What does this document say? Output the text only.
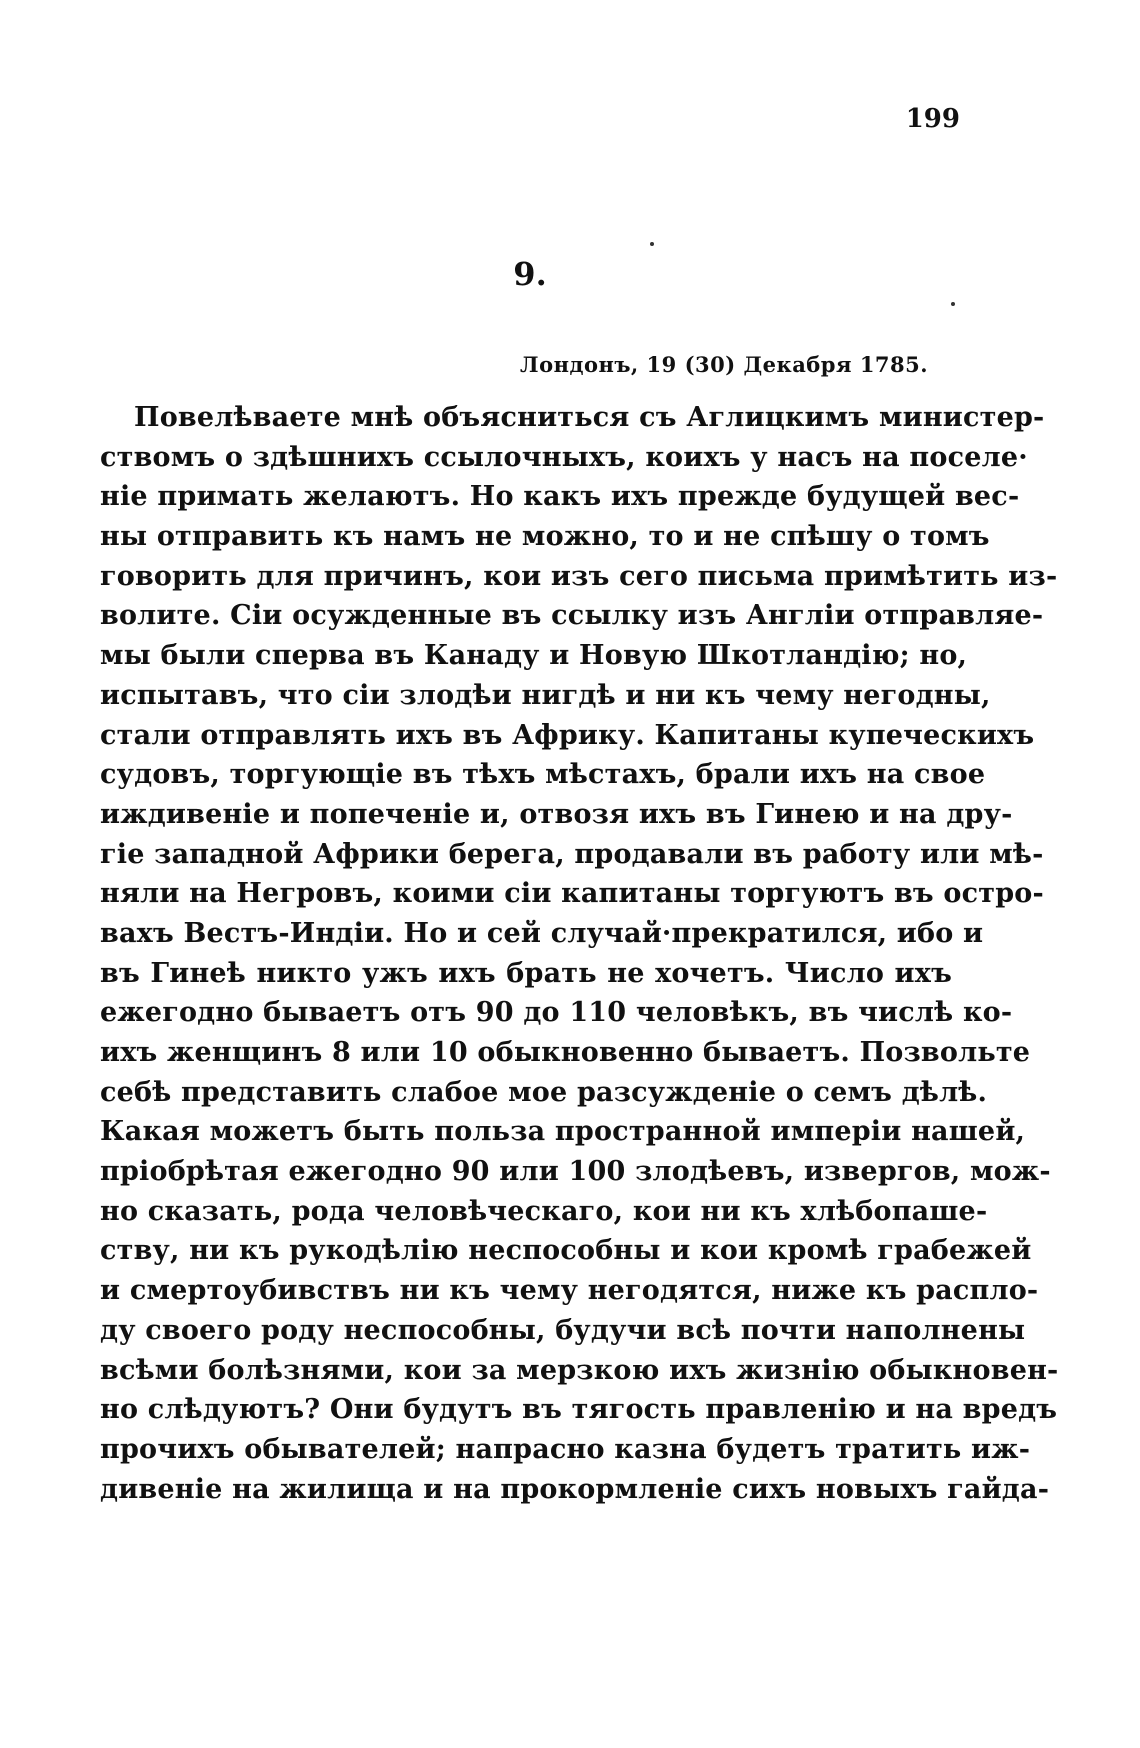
199
9.
Лондонъ, 19 (30) Декабря 1785.
Повелѣваете мнѣ объясниться съ Аглицкимъ министер-
ствомъ о здѣшнихъ ссылочныхъ, коихъ у насъ на поселе·
ніе примать желаютъ. Но какъ ихъ прежде будущей вес-
ны отправить къ намъ не можно, то и не спѣшу о томъ
говорить для причинъ, кои изъ сего письма примѣтить из-
волите. Сіи осужденные въ ссылку изъ Англіи отправляе-
мы были сперва въ Канаду и Новую Шкотландію; но,
испытавъ, что сіи злодѣи нигдѣ и ни къ чему негодны,
стали отправлять ихъ въ Африку. Капитаны купеческихъ
судовъ, торгующіе въ тѣхъ мѣстахъ, брали ихъ на свое
иждивеніе и попеченіе и, отвозя ихъ въ Гинею и на дру-
гіе западной Африки берега, продавали въ работу или мѣ-
няли на Негровъ, коими сіи капитаны торгуютъ въ остро-
вахъ Вестъ-Индіи. Но и сей случай·прекратился, ибо и
въ Гинеѣ никто ужъ ихъ брать не хочетъ. Число ихъ
ежегодно бываетъ отъ 90 до 110 человѣкъ, въ числѣ ко-
ихъ женщинъ 8 или 10 обыкновенно бываетъ. Позвольте
себѣ представить слабое мое разсужденіе о семъ дѣлѣ.
Какая можетъ быть польза пространной имперіи нашей,
пріобрѣтая ежегодно 90 или 100 злодѣевъ, извергов, мож-
но сказать, рода человѣческаго, кои ни къ хлѣбопаше-
ству, ни къ рукодѣлію неспособны и кои кромѣ грабежей
и смертоубивствъ ни къ чему негодятся, ниже къ распло-
ду своего роду неспособны, будучи всѣ почти наполнены
всѣми болѣзнями, кои за мерзкою ихъ жизнію обыкновен-
но слѣдуютъ? Они будутъ въ тягость правленію и на вредъ
прочихъ обывателей; напрасно казна будетъ тратить иж-
дивеніе на жилища и на прокормленіе сихъ новыхъ гайда-
